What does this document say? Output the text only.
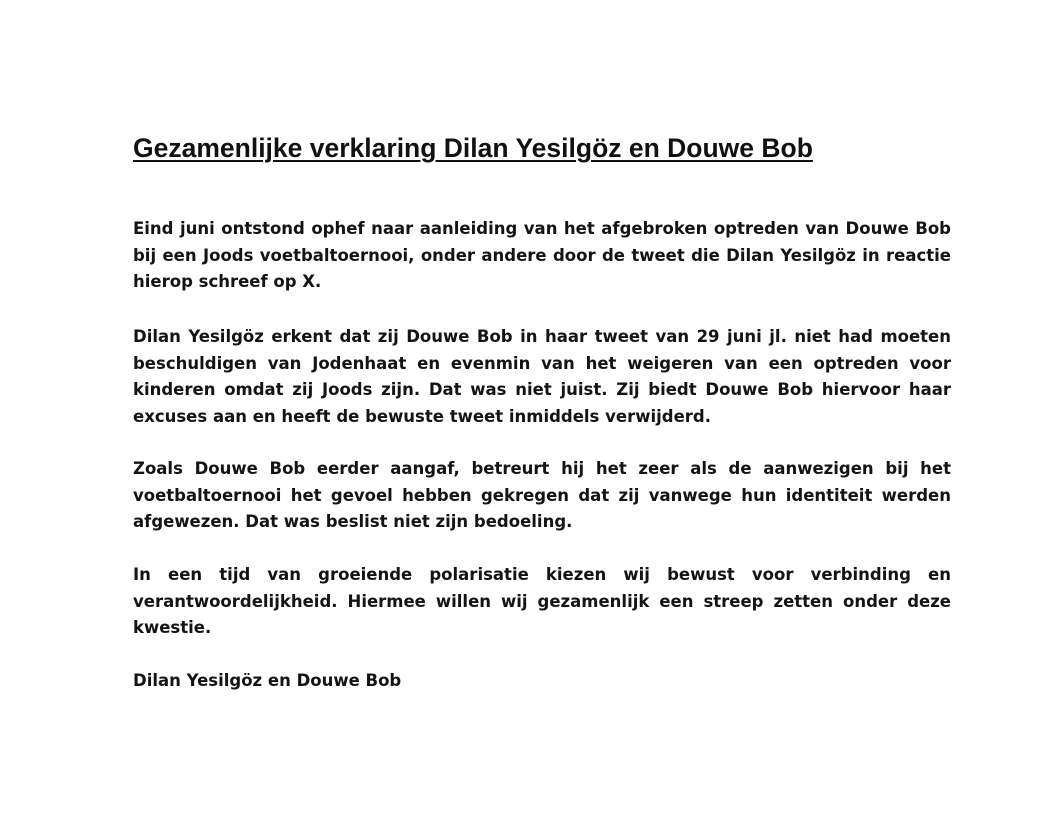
Gezamenlijke verklaring Dilan Yesilgöz en Douwe Bob

Eind juni ontstond ophef naar aanleiding van het afgebroken optreden van Douwe Bob bij een Joods voetbaltoernooi, onder andere door de tweet die Dilan Yesilgöz in reactie hierop schreef op X.

Dilan Yesilgöz erkent dat zij Douwe Bob in haar tweet van 29 juni jl. niet had moeten beschuldigen van Jodenhaat en evenmin van het weigeren van een optreden voor kinderen omdat zij Joods zijn. Dat was niet juist. Zij biedt Douwe Bob hiervoor haar excuses aan en heeft de bewuste tweet inmiddels verwijderd.

Zoals Douwe Bob eerder aangaf, betreurt hij het zeer als de aanwezigen bij het voetbaltoernooi het gevoel hebben gekregen dat zij vanwege hun identiteit werden afgewezen. Dat was beslist niet zijn bedoeling.

In een tijd van groeiende polarisatie kiezen wij bewust voor verbinding en verantwoordelijkheid. Hiermee willen wij gezamenlijk een streep zetten onder deze kwestie.

Dilan Yesilgöz en Douwe Bob
